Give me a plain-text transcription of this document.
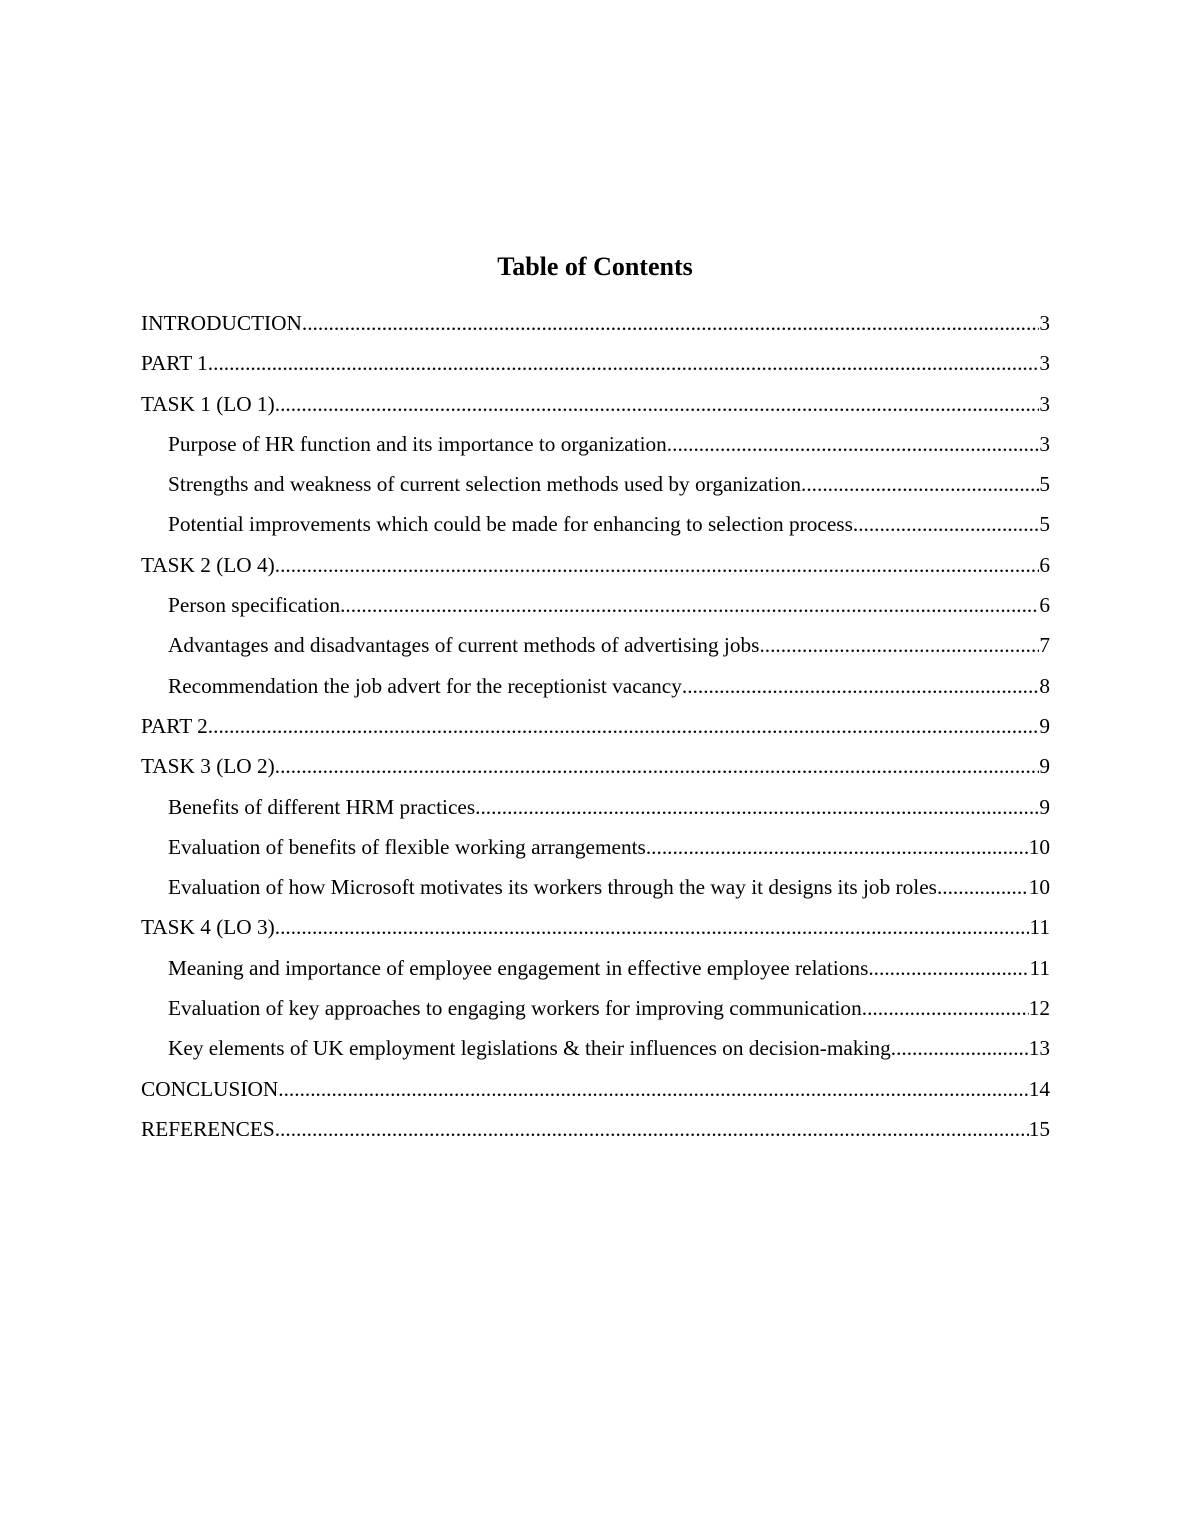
Table of Contents
INTRODUCTION .....	3
PART 1 .....	3
TASK 1 (LO 1) .....	3
Purpose of HR function and its importance to organization. .....	3
Strengths and weakness of current selection methods used by organization. .....	5
Potential improvements which could be made for enhancing to selection process. .....	5
TASK 2 (LO 4) .....	6
Person specification .....	6
Advantages and disadvantages of current methods of advertising jobs .....	7
Recommendation the job advert for the receptionist vacancy .....	8
PART 2 .....	9
TASK 3 (LO 2) .....	9
Benefits of different HRM practices .....	9
Evaluation of benefits of flexible working arrangements .....	10
Evaluation of how Microsoft motivates its workers through the way it designs its job roles. .....	10
TASK 4 (LO 3) .....	11
Meaning and importance of employee engagement in effective employee relations .....	11
Evaluation of key approaches to engaging workers for improving communication. .....	12
Key elements of UK employment legislations & their influences on decision-making .....	13
CONCLUSION .....	14
REFERENCES .....	15
